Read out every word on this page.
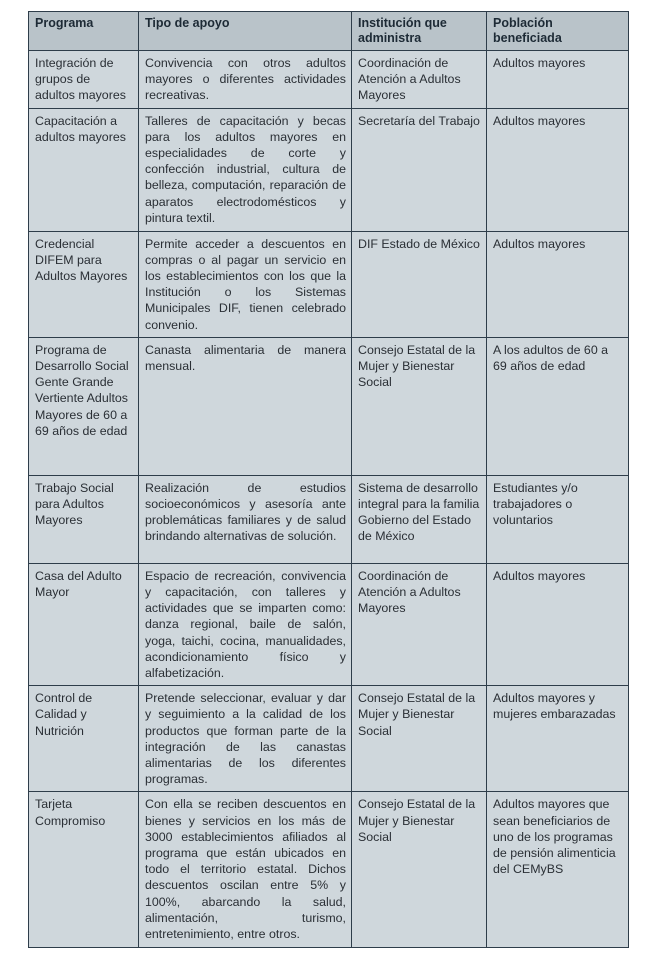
Programa	Tipo de apoyo	Institución que administra	Población beneficiada
Integración de grupos de adultos mayores	Convivencia con otros adultos mayores o diferentes actividades recreativas.	Coordinación de Atención a Adultos Mayores	Adultos mayores
Capacitación a adultos mayores	Talleres de capacitación y becas para los adultos mayores en especialidades de corte y confección industrial, cultura de belleza, computación, reparación de aparatos electrodomésticos y pintura textil.	Secretaría del Trabajo	Adultos mayores
Credencial DIFEM para Adultos Mayores	Permite acceder a descuentos en compras o al pagar un servicio en los establecimientos con los que la Institución o los Sistemas Municipales DIF, tienen celebrado convenio.	DIF Estado de México	Adultos mayores
Programa de Desarrollo Social Gente Grande Vertiente Adultos Mayores de 60 a 69 años de edad	Canasta alimentaria de manera mensual.	Consejo Estatal de la Mujer y Bienestar Social	A los adultos de 60 a 69 años de edad
Trabajo Social para Adultos Mayores	Realización de estudios socioeconómicos y asesoría ante problemáticas familiares y de salud brindando alternativas de solución.	Sistema de desarrollo integral para la familia Gobierno del Estado de México	Estudiantes y/o trabajadores o voluntarios
Casa del Adulto Mayor	Espacio de recreación, convivencia y capacitación, con talleres y actividades que se imparten como: danza regional, baile de salón, yoga, taichi, cocina, manualidades, acondicionamiento físico y alfabetización.	Coordinación de Atención a Adultos Mayores	Adultos mayores
Control de Calidad y Nutrición	Pretende seleccionar, evaluar y dar y seguimiento a la calidad de los productos que forman parte de la integración de las canastas alimentarias de los diferentes programas.	Consejo Estatal de la Mujer y Bienestar Social	Adultos mayores y mujeres embarazadas
Tarjeta Compromiso	Con ella se reciben descuentos en bienes y servicios en los más de 3000 establecimientos afiliados al programa que están ubicados en todo el territorio estatal. Dichos descuentos oscilan entre 5% y 100%, abarcando la salud, alimentación, turismo, entretenimiento, entre otros.	Consejo Estatal de la Mujer y Bienestar Social	Adultos mayores que sean beneficiarios de uno de los programas de pensión alimenticia del CEMyBS
